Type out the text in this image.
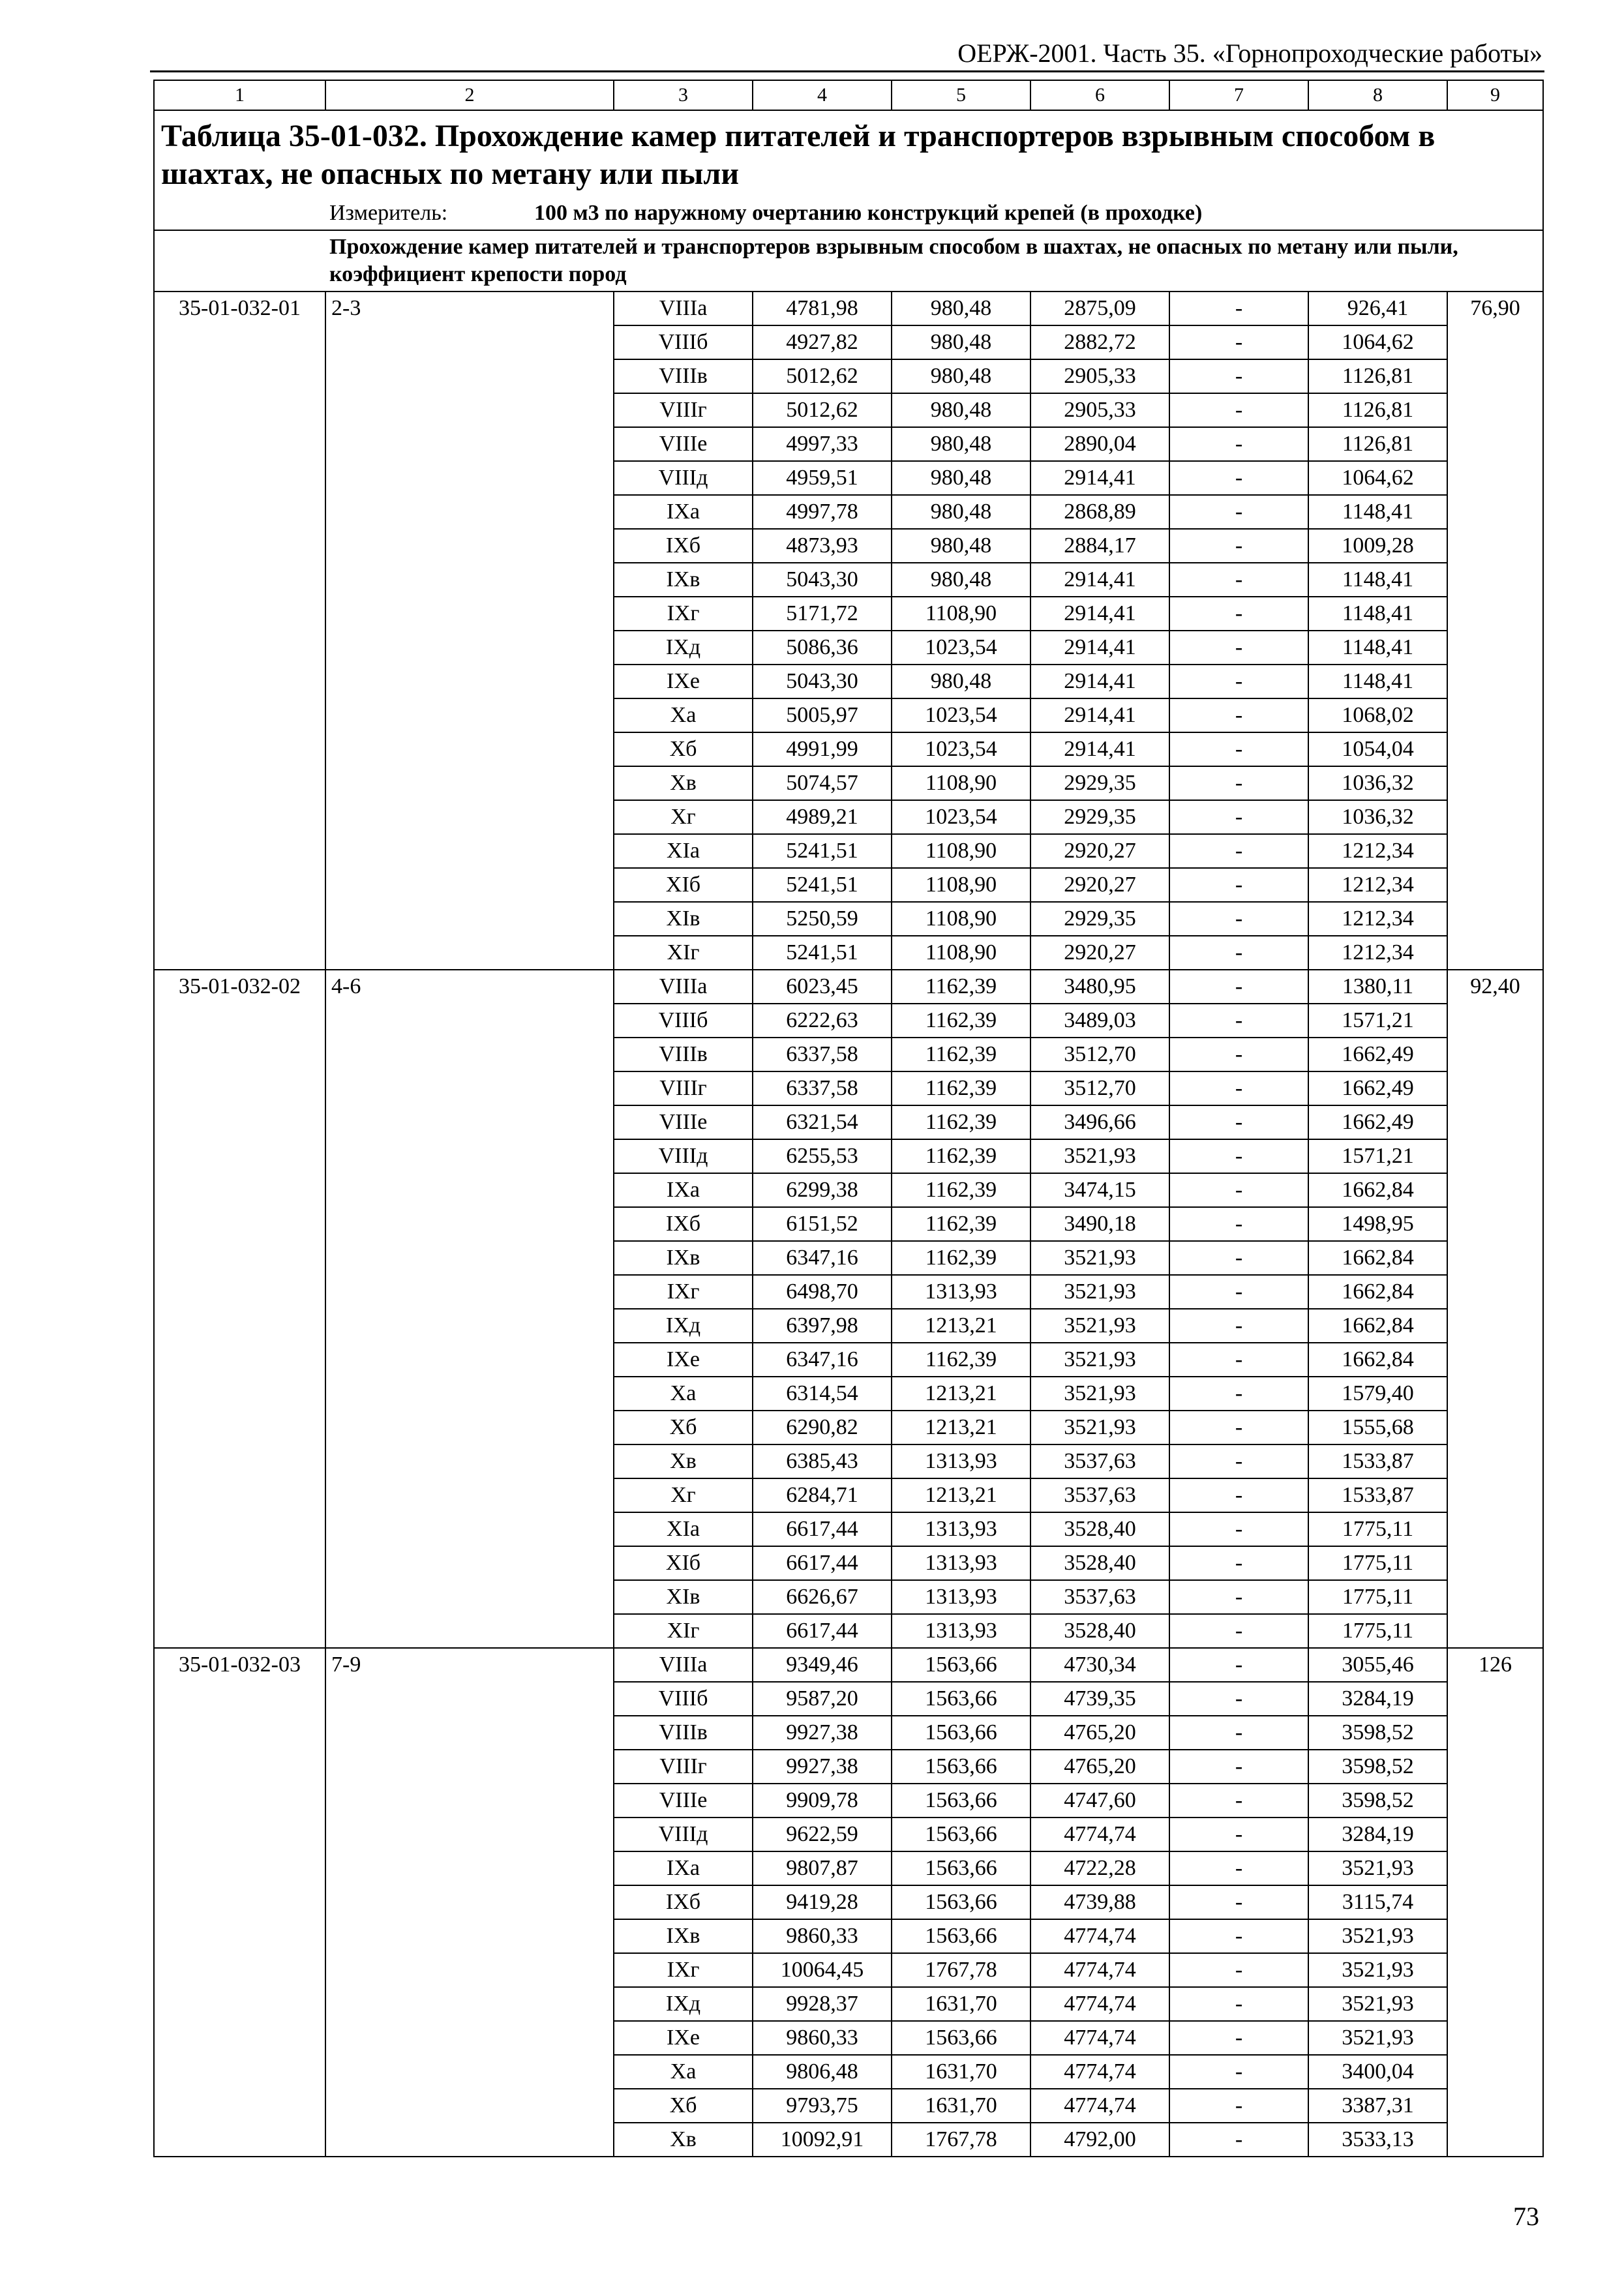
ОЕРЖ-2001. Часть 35. «Горнопроходческие работы»
1	2	3	4	5	6	7	8	9
Таблица 35-01-032. Прохождение камер питателей и транспортеров взрывным способом в шахтах, не опасных по метану или пыли								
	Измеритель: 100 м3 по наружному очертанию конструкций крепей (в проходке)							
	Прохождение камер питателей и транспортеров взрывным способом в шахтах, не опасных по метану или пыли, коэффициент крепости пород							
35-01-032-01	2-3	VIIIа	4781,98	980,48	2875,09	-	926,41	76,90
		VIIIб	4927,82	980,48	2882,72	-	1064,62	
		VIIIв	5012,62	980,48	2905,33	-	1126,81	
		VIIIг	5012,62	980,48	2905,33	-	1126,81	
		VIIIе	4997,33	980,48	2890,04	-	1126,81	
		VIIIд	4959,51	980,48	2914,41	-	1064,62	
		IXа	4997,78	980,48	2868,89	-	1148,41	
		IXб	4873,93	980,48	2884,17	-	1009,28	
		IXв	5043,30	980,48	2914,41	-	1148,41	
		IXг	5171,72	1108,90	2914,41	-	1148,41	
		IXд	5086,36	1023,54	2914,41	-	1148,41	
		IXе	5043,30	980,48	2914,41	-	1148,41	
		Xа	5005,97	1023,54	2914,41	-	1068,02	
		Xб	4991,99	1023,54	2914,41	-	1054,04	
		Xв	5074,57	1108,90	2929,35	-	1036,32	
		Xг	4989,21	1023,54	2929,35	-	1036,32	
		XIа	5241,51	1108,90	2920,27	-	1212,34	
		XIб	5241,51	1108,90	2920,27	-	1212,34	
		XIв	5250,59	1108,90	2929,35	-	1212,34	
		XIг	5241,51	1108,90	2920,27	-	1212,34	
35-01-032-02	4-6	VIIIа	6023,45	1162,39	3480,95	-	1380,11	92,40
		VIIIб	6222,63	1162,39	3489,03	-	1571,21	
		VIIIв	6337,58	1162,39	3512,70	-	1662,49	
		VIIIг	6337,58	1162,39	3512,70	-	1662,49	
		VIIIе	6321,54	1162,39	3496,66	-	1662,49	
		VIIIд	6255,53	1162,39	3521,93	-	1571,21	
		IXа	6299,38	1162,39	3474,15	-	1662,84	
		IXб	6151,52	1162,39	3490,18	-	1498,95	
		IXв	6347,16	1162,39	3521,93	-	1662,84	
		IXг	6498,70	1313,93	3521,93	-	1662,84	
		IXд	6397,98	1213,21	3521,93	-	1662,84	
		IXе	6347,16	1162,39	3521,93	-	1662,84	
		Xа	6314,54	1213,21	3521,93	-	1579,40	
		Xб	6290,82	1213,21	3521,93	-	1555,68	
		Xв	6385,43	1313,93	3537,63	-	1533,87	
		Xг	6284,71	1213,21	3537,63	-	1533,87	
		XIа	6617,44	1313,93	3528,40	-	1775,11	
		XIб	6617,44	1313,93	3528,40	-	1775,11	
		XIв	6626,67	1313,93	3537,63	-	1775,11	
		XIг	6617,44	1313,93	3528,40	-	1775,11	
35-01-032-03	7-9	VIIIа	9349,46	1563,66	4730,34	-	3055,46	126
		VIIIб	9587,20	1563,66	4739,35	-	3284,19	
		VIIIв	9927,38	1563,66	4765,20	-	3598,52	
		VIIIг	9927,38	1563,66	4765,20	-	3598,52	
		VIIIе	9909,78	1563,66	4747,60	-	3598,52	
		VIIIд	9622,59	1563,66	4774,74	-	3284,19	
		IXа	9807,87	1563,66	4722,28	-	3521,93	
		IXб	9419,28	1563,66	4739,88	-	3115,74	
		IXв	9860,33	1563,66	4774,74	-	3521,93	
		IXг	10064,45	1767,78	4774,74	-	3521,93	
		IXд	9928,37	1631,70	4774,74	-	3521,93	
		IXе	9860,33	1563,66	4774,74	-	3521,93	
		Xа	9806,48	1631,70	4774,74	-	3400,04	
		Xб	9793,75	1631,70	4774,74	-	3387,31	
		Xв	10092,91	1767,78	4792,00	-	3533,13	
73
